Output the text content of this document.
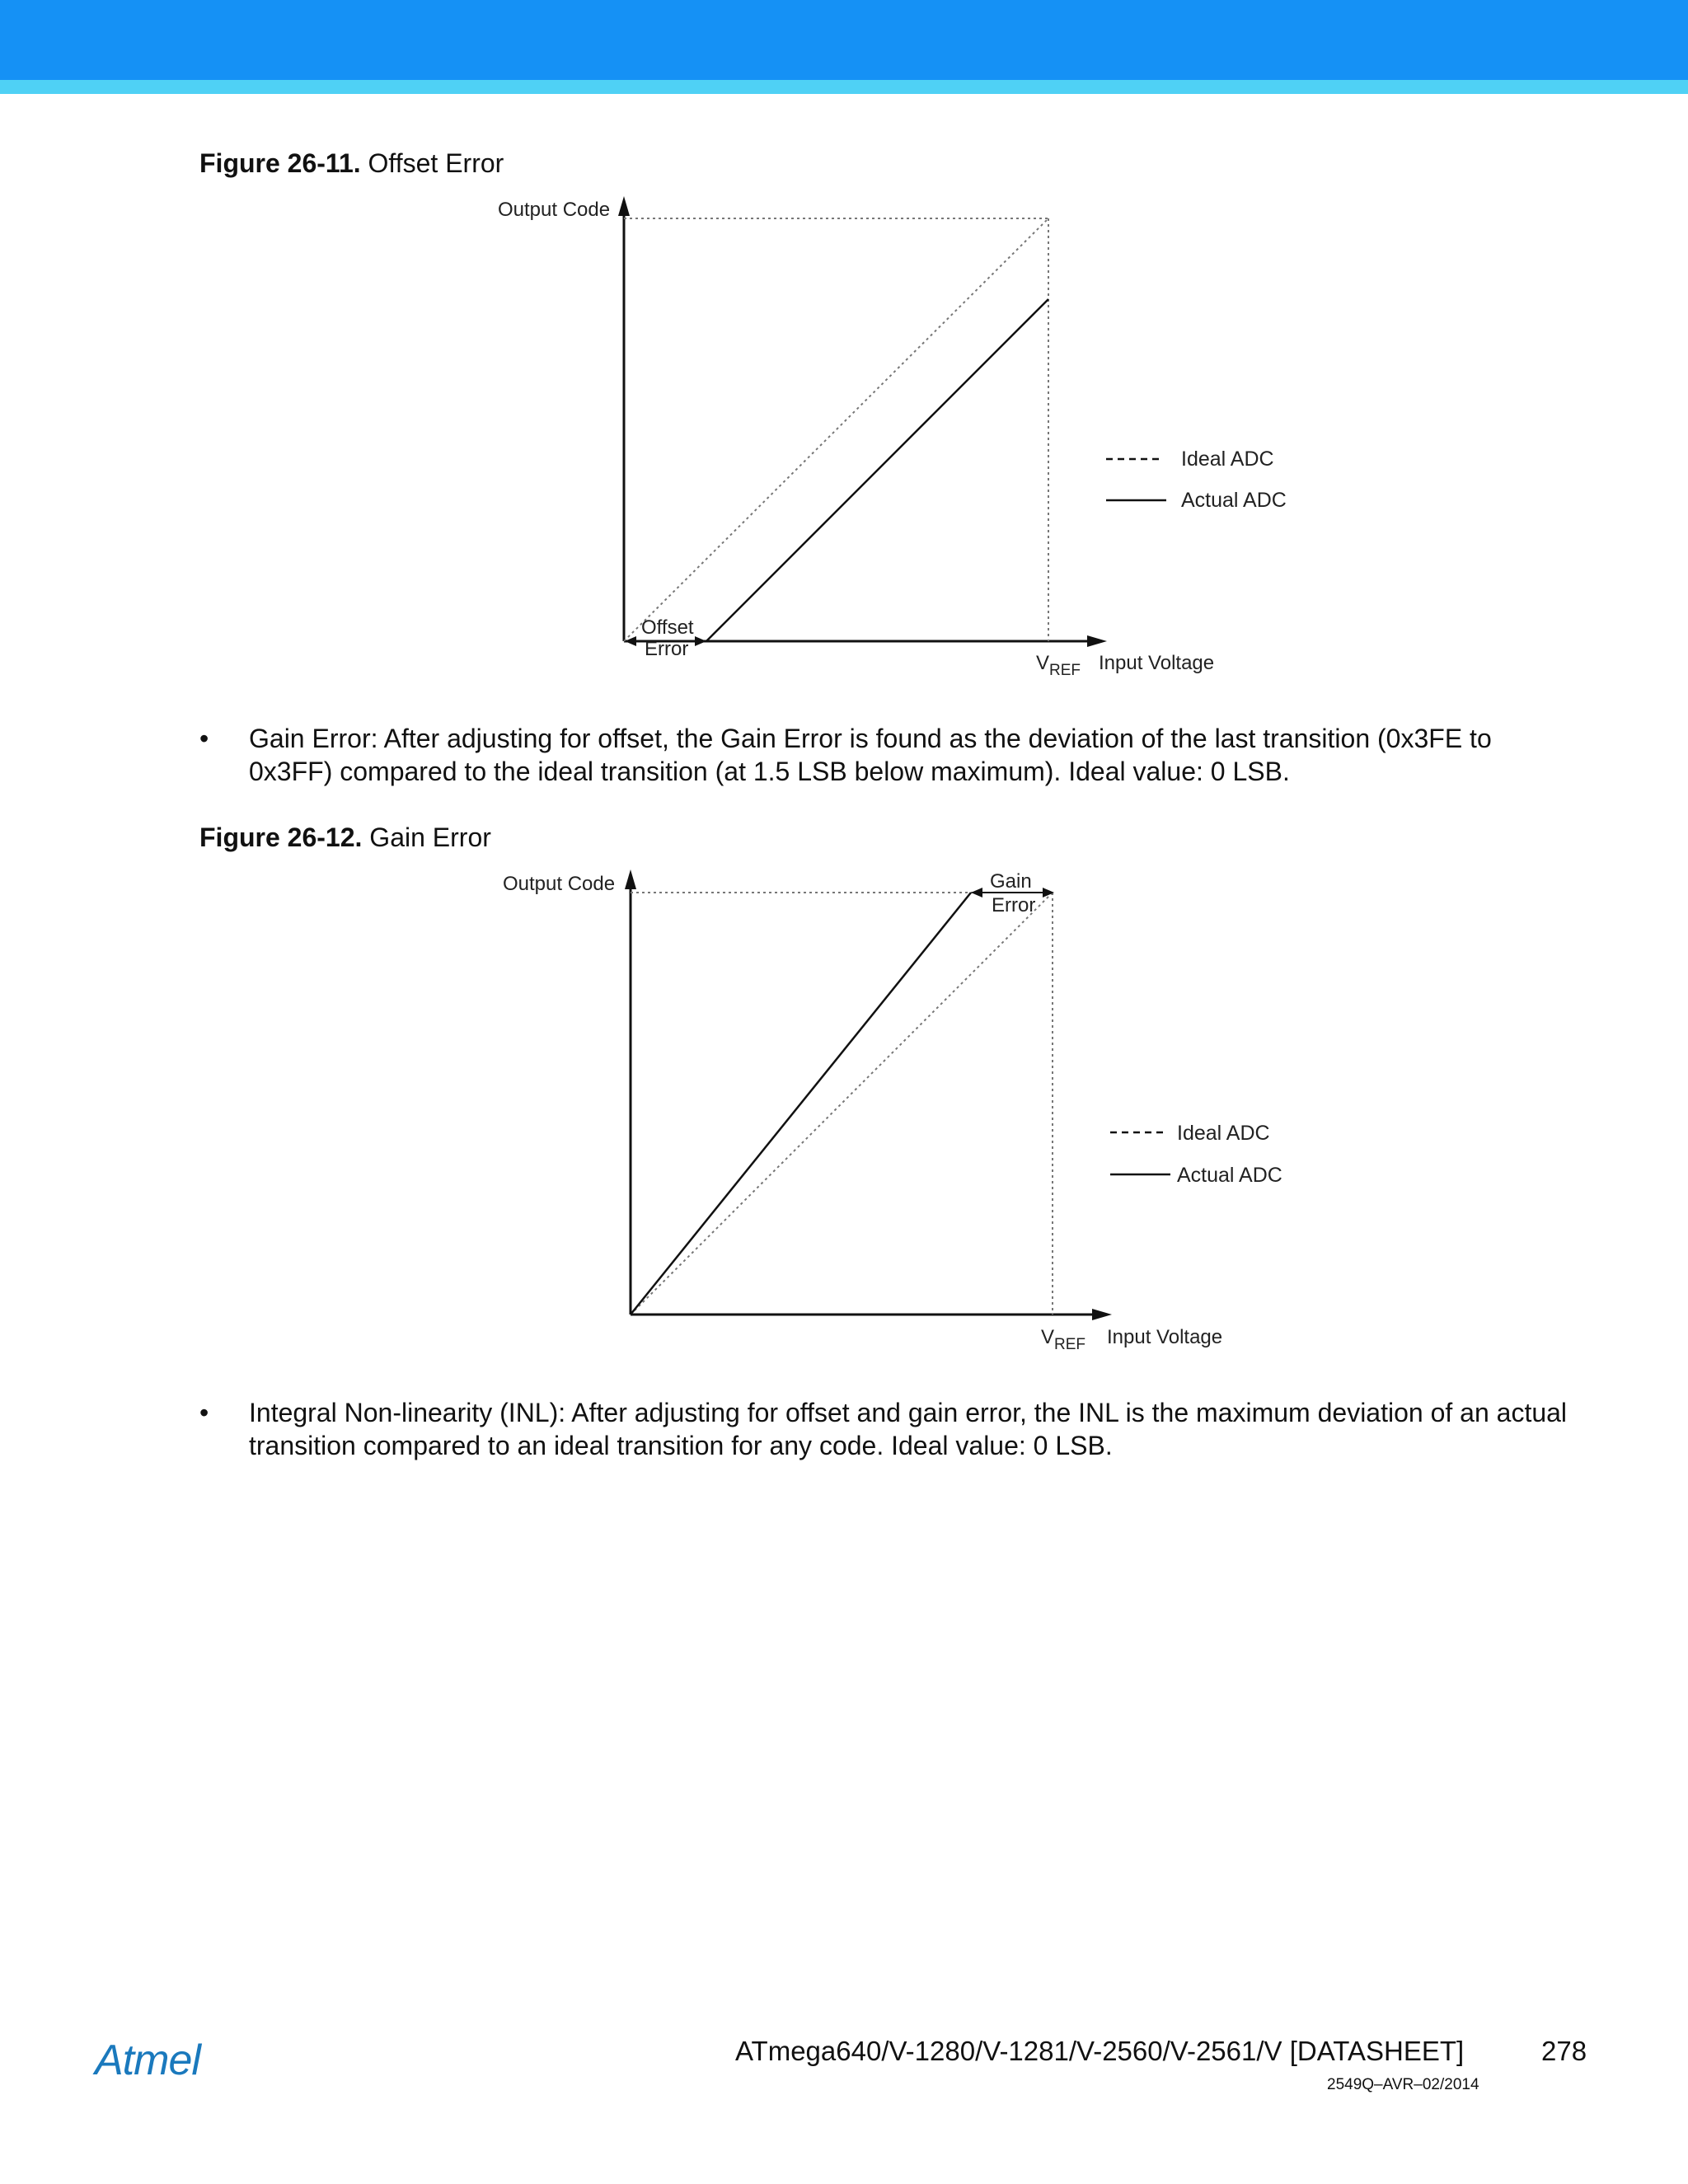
Figure 26-11. Offset Error
Output Code
Offset
Error
$V_{REF}$ Input Voltage
Ideal ADC
Actual ADC
• Gain Error: After adjusting for offset, the Gain Error is found as the deviation of the last transition (0x3FE to 0x3FF) compared to the ideal transition (at 1.5 LSB below maximum). Ideal value: 0 LSB.
Figure 26-12. Gain Error
Output Code	Gain
Error
$V_{REF}$ Input Voltage
Ideal ADC
Actual ADC
• Integral Non-linearity (INL): After adjusting for offset and gain error, the INL is the maximum deviation of an actual transition compared to an ideal transition for any code. Ideal value: 0 LSB.
Atmel	ATmega640/V-1280/V-1281/V-2560/V-2561/V [DATASHEET]	278
2549Q–AVR–02/2014
